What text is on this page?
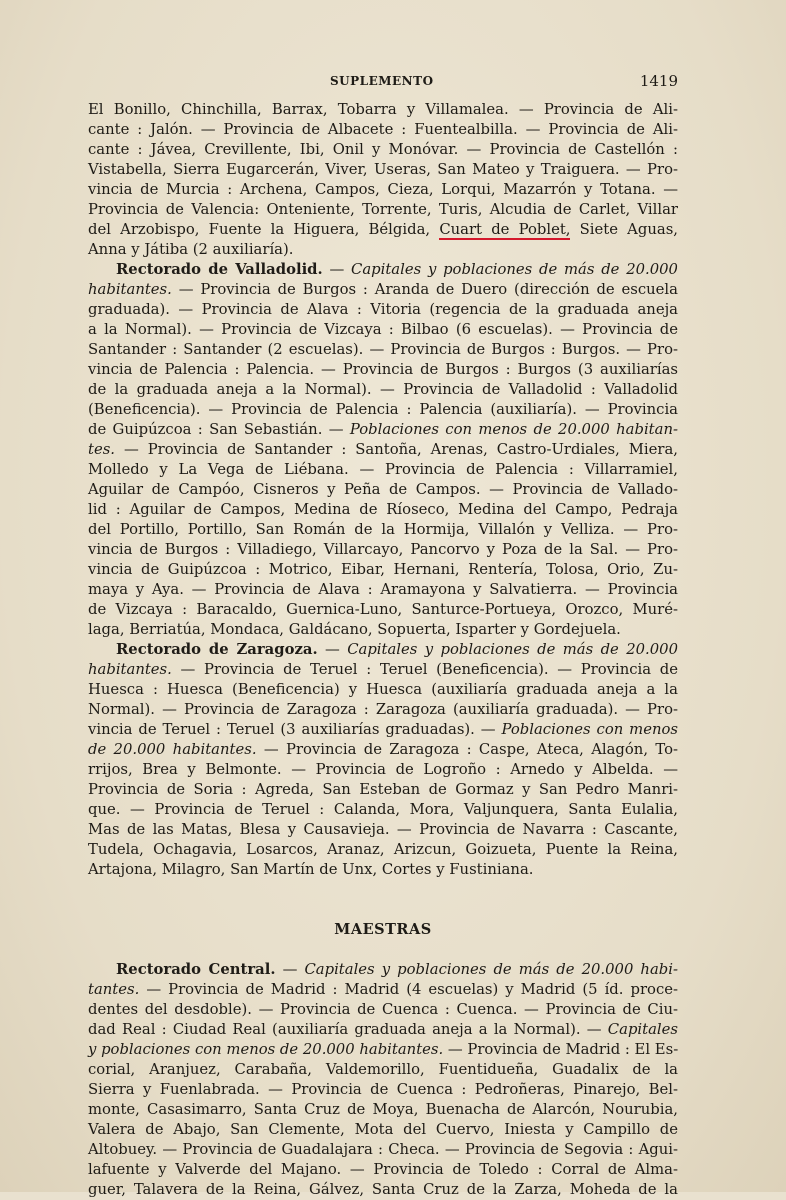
SUPLEMENTO	1419
El Bonillo, Chinchilla, Barrax, Tobarra y Villamalea. — Provincia de Ali-
cante : Jalón. — Provincia de Albacete : Fuentealbilla. — Provincia de Ali-
cante : Jávea, Crevillente, Ibi, Onil y Monóvar. — Provincia de Castellón :
Vistabella, Sierra Eugarcerán, Viver, Useras, San Mateo y Traiguera. — Pro-
vincia de Murcia : Archena, Campos, Cieza, Lorqui, Mazarrón y Totana. —
Provincia de Valencia: Onteniente, Torrente, Turis, Alcudia de Carlet, Villar
del Arzobispo, Fuente la Higuera, Bélgida, Cuart de Poblet, Siete Aguas,
Anna y Játiba (2 auxiliaría).
Rectorado de Valladolid. — Capitales y poblaciones de más de 20.000
habitantes. — Provincia de Burgos : Aranda de Duero (dirección de escuela
graduada). — Provincia de Alava : Vitoria (regencia de la graduada aneja
a la Normal). — Provincia de Vizcaya : Bilbao (6 escuelas). — Provincia de
Santander : Santander (2 escuelas). — Provincia de Burgos : Burgos. — Pro-
vincia de Palencia : Palencia. — Provincia de Burgos : Burgos (3 auxiliarías
de la graduada aneja a la Normal). — Provincia de Valladolid : Valladolid
(Beneficencia). — Provincia de Palencia : Palencia (auxiliaría). — Provincia
de Guipúzcoa : San Sebastián. — Poblaciones con menos de 20.000 habitan-
tes. — Provincia de Santander : Santoña, Arenas, Castro-Urdiales, Miera,
Molledo y La Vega de Liébana. — Provincia de Palencia : Villarramiel,
Aguilar de Campóo, Cisneros y Peña de Campos. — Provincia de Vallado-
lid : Aguilar de Campos, Medina de Ríoseco, Medina del Campo, Pedraja
del Portillo, Portillo, San Román de la Hormija, Villalón y Velliza. — Pro-
vincia de Burgos : Villadiego, Villarcayo, Pancorvo y Poza de la Sal. — Pro-
vincia de Guipúzcoa : Motrico, Eibar, Hernani, Rentería, Tolosa, Orio, Zu-
maya y Aya. — Provincia de Alava : Aramayona y Salvatierra. — Provincia
de Vizcaya : Baracaldo, Guernica-Luno, Santurce-Portueya, Orozco, Muré-
laga, Berriatúa, Mondaca, Galdácano, Sopuerta, Isparter y Gordejuela.
Rectorado de Zaragoza. — Capitales y poblaciones de más de 20.000
habitantes. — Provincia de Teruel : Teruel (Beneficencia). — Provincia de
Huesca : Huesca (Beneficencia) y Huesca (auxiliaría graduada aneja a la
Normal). — Provincia de Zaragoza : Zaragoza (auxiliaría graduada). — Pro-
vincia de Teruel : Teruel (3 auxiliarías graduadas). — Poblaciones con menos
de 20.000 habitantes. — Provincia de Zaragoza : Caspe, Ateca, Alagón, To-
rrijos, Brea y Belmonte. — Provincia de Logroño : Arnedo y Albelda. —
Provincia de Soria : Agreda, San Esteban de Gormaz y San Pedro Manri-
que. — Provincia de Teruel : Calanda, Mora, Valjunquera, Santa Eulalia,
Mas de las Matas, Blesa y Causavieja. — Provincia de Navarra : Cascante,
Tudela, Ochagavia, Losarcos, Aranaz, Arizcun, Goizueta, Puente la Reina,
Artajona, Milagro, San Martín de Unx, Cortes y Fustiniana.
MAESTRAS
Rectorado Central. — Capitales y poblaciones de más de 20.000 habi-
tantes. — Provincia de Madrid : Madrid (4 escuelas) y Madrid (5 íd. proce-
dentes del desdoble). — Provincia de Cuenca : Cuenca. — Provincia de Ciu-
dad Real : Ciudad Real (auxiliaría graduada aneja a la Normal). — Capitales
y poblaciones con menos de 20.000 habitantes. — Provincia de Madrid : El Es-
corial, Aranjuez, Carabaña, Valdemorillo, Fuentidueña, Guadalix de la
Sierra y Fuenlabrada. — Provincia de Cuenca : Pedroñeras, Pinarejo, Bel-
monte, Casasimarro, Santa Cruz de Moya, Buenacha de Alarcón, Nourubia,
Valera de Abajo, San Clemente, Mota del Cuervo, Iniesta y Campillo de
Altobuey. — Provincia de Guadalajara : Checa. — Provincia de Segovia : Agui-
lafuente y Valverde del Majano. — Provincia de Toledo : Corral de Alma-
guer, Talavera de la Reina, Gálvez, Santa Cruz de la Zarza, Moheda de la
